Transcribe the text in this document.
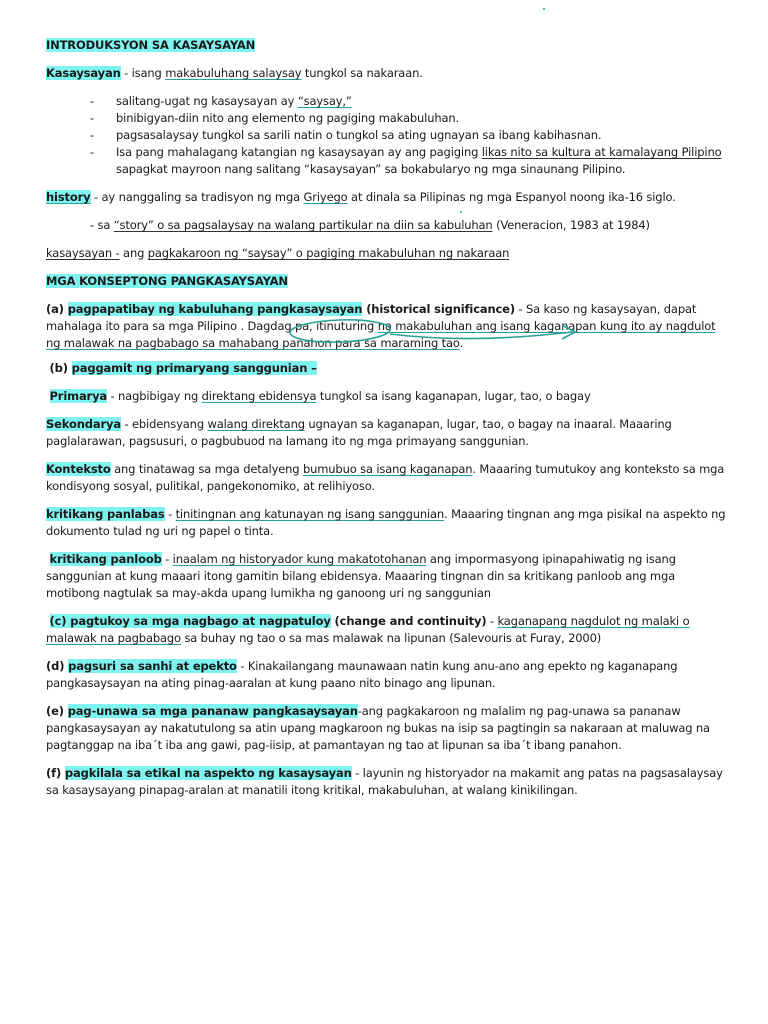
INTRODUKSYON SA KASAYSAYAN

Kasaysayan - isang makabuluhang salaysay tungkol sa nakaraan.

- salitang-ugat ng kasaysayan ay “saysay,”
- binibigyan-diin nito ang elemento ng pagiging makabuluhan.
- pagsasalaysay tungkol sa sarili natin o tungkol sa ating ugnayan sa ibang kabihasnan.
- Isa pang mahalagang katangian ng kasaysayan ay ang pagiging likas nito sa kultura at kamalayang Pilipino sapagkat mayroon nang salitang “kasaysayan” sa bokabularyo ng mga sinaunang Pilipino.

history - ay nanggaling sa tradisyon ng mga Griyego at dinala sa Pilipinas ng mga Espanyol noong ika-16 siglo.

- sa “story” o sa pagsalaysay na walang partikular na diin sa kabuluhan (Veneracion, 1983 at 1984)

kasaysayan - ang pagkakaroon ng “saysay” o pagiging makabuluhan ng nakaraan

MGA KONSEPTONG PANGKASAYSAYAN

(a) pagpapatibay ng kabuluhang pangkasaysayan (historical significance) - Sa kaso ng kasaysayan, dapat mahalaga ito para sa mga Pilipino . Dagdag pa, itinuturing na makabuluhan ang isang kaganapan kung ito ay nagdulot ng malawak na pagbabago sa mahabang panahon para sa maraming tao.

(b) paggamit ng primaryang sanggunian –

Primarya - nagbibigay ng direktang ebidensya tungkol sa isang kaganapan, lugar, tao, o bagay

Sekondarya - ebidensyang walang direktang ugnayan sa kaganapan, lugar, tao, o bagay na inaaral. Maaaring paglalarawan, pagsusuri, o pagbubuod na lamang ito ng mga primayang sanggunian.

Konteksto ang tinatawag sa mga detalyeng bumubuo sa isang kaganapan. Maaaring tumutukoy ang konteksto sa mga kondisyong sosyal, pulitikal, pangekonomiko, at relihiyoso.

kritikang panlabas - tinitingnan ang katunayan ng isang sanggunian. Maaaring tingnan ang mga pisikal na aspekto ng dokumento tulad ng uri ng papel o tinta.

kritikang panloob - inaalam ng historyador kung makatotohanan ang impormasyong ipinapahiwatig ng isang sanggunian at kung maaari itong gamitin bilang ebidensya. Maaaring tingnan din sa kritikang panloob ang mga motibong nagtulak sa may-akda upang lumikha ng ganoong uri ng sanggunian

(c) pagtukoy sa mga nagbago at nagpatuloy (change and continuity) - kaganapang nagdulot ng malaki o malawak na pagbabago sa buhay ng tao o sa mas malawak na lipunan (Salevouris at Furay, 2000)

(d) pagsuri sa sanhi at epekto - Kinakailangang maunawaan natin kung anu-ano ang epekto ng kaganapang pangkasaysayan na ating pinag-aaralan at kung paano nito binago ang lipunan.

(e) pag-unawa sa mga pananaw pangkasaysayan-ang pagkakaroon ng malalim ng pag-unawa sa pananaw pangkasaysayan ay nakatutulong sa atin upang magkaroon ng bukas na isip sa pagtingin sa nakaraan at maluwag na pagtanggap na iba´t iba ang gawi, pag-iisip, at pamantayan ng tao at lipunan sa iba´t ibang panahon.

(f) pagkilala sa etikal na aspekto ng kasaysayan - layunin ng historyador na makamit ang patas na pagsasalaysay sa kasaysayang pinapag-aralan at manatili itong kritikal, makabuluhan, at walang kinikilingan.
